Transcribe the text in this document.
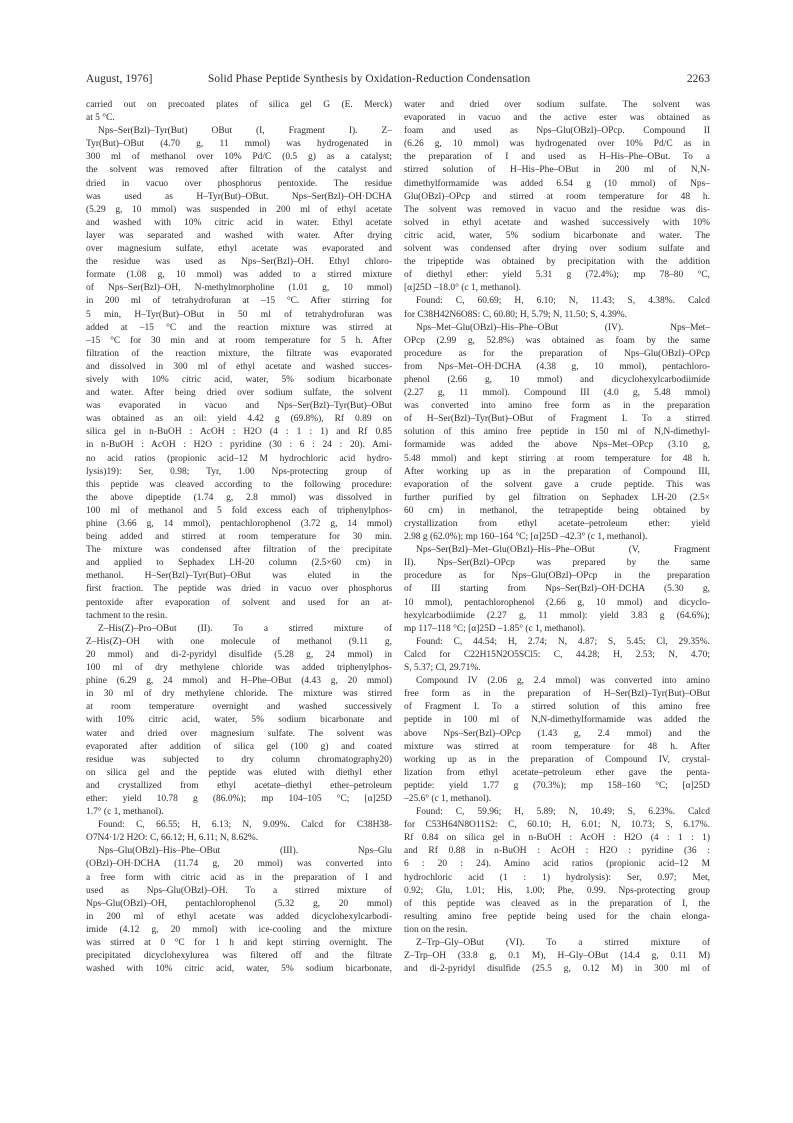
August, 1976]	Solid Phase Peptide Synthesis by Oxidation-Reduction Condensation	2263
carried out on precoated plates of silica gel G (E. Merck)
at 5 °C.
Nps–Ser(Bzl)–Tyr(But) OBut (I, Fragment I). Z–
Tyr(But)–OBut (4.70 g, 11 mmol) was hydrogenated in
300 ml of methanol over 10% Pd/C (0.5 g) as a catalyst;
the solvent was removed after filtration of the catalyst and
dried in vacuo over phosphorus pentoxide. The residue
was used as H–Tyr(But)–OBut. Nps–Ser(Bzl)–OH·DCHA
(5.29 g, 10 mmol) was suspended in 200 ml of ethyl acetate
and washed with 10% citric acid in water. Ethyl acetate
layer was separated and washed with water. After drying
over magnesium sulfate, ethyl acetate was evaporated and
the residue was used as Nps–Ser(Bzl)–OH. Ethyl chloro-
formate (1.08 g, 10 mmol) was added to a stirred mixture
of Nps–Ser(Bzl)–OH, N-methylmorpholine (1.01 g, 10 mmol)
in 200 ml of tetrahydrofuran at –15 °C. After stirring for
5 min, H–Tyr(But)–OBut in 50 ml of tetrahydrofuran was
added at –15 °C and the reaction mixture was stirred at
–15 °C for 30 min and at room temperature for 5 h. After
filtration of the reaction mixture, the filtrate was evaporated
and dissolved in 300 ml of ethyl acetate and washed succes-
sively with 10% citric acid, water, 5% sodium bicarbonate
and water. After being dried over sodium sulfate, the solvent
was evaporated in vacuo and Nps–Ser(Bzl)–Tyr(But)–OBut
was obtained as an oil: yield 4.42 g (69.8%), Rf 0.89 on
silica gel in n-BuOH : AcOH : H2O (4 : 1 : 1) and Rf 0.85
in n-BuOH : AcOH : H2O : pyridine (30 : 6 : 24 : 20). Ami-
no acid ratios (propionic acid–12 M hydrochloric acid hydro-
lysis)19): Ser, 0.98; Tyr, 1.00 Nps-protecting group of
this peptide was cleaved according to the following procedure:
the above dipeptide (1.74 g, 2.8 mmol) was dissolved in
100 ml of methanol and 5 fold excess each of triphenylphos-
phine (3.66 g, 14 mmol), pentachlorophenol (3.72 g, 14 mmol)
being added and stirred at room temperature for 30 min.
The mixture was condensed after filtration of the precipitate
and applied to Sephadex LH-20 column (2.5×60 cm) in
methanol. H–Ser(Bzl)–Tyr(But)–OBut was eluted in the
first fraction. The peptide was dried in vacuo over phosphorus
pentoxide after evaporation of solvent and used for an at-
tachment to the resin.
Z–His(Z)–Pro–OBut (II). To a stirred mixture of
Z–His(Z)–OH with one molecule of methanol (9.11 g,
20 mmol) and di-2-pyridyl disulfide (5.28 g, 24 mmol) in
100 ml of dry methylene chloride was added triphenylphos-
phine (6.29 g, 24 mmol) and H–Phe–OBut (4.43 g, 20 mmol)
in 30 ml of dry methylene chloride. The mixture was stirred
at room temperature overnight and washed successively
with 10% citric acid, water, 5% sodium bicarbonate and
water and dried over magnesium sulfate. The solvent was
evaporated after addition of silica gel (100 g) and coated
residue was subjected to dry column chromatography20)
on silica gel and the peptide was eluted with diethyl ether
and crystallized from ethyl acetate–diethyl ether–petroleum
ether: yield 10.78 g (86.0%); mp 104–105 °C; [α]25D
1.7° (c 1, methanol).
Found: C, 66.55; H, 6.13; N, 9.09%. Calcd for C38H38-
O7N4·1/2 H2O: C, 66.12; H, 6.11; N, 8.62%.
Nps–Glu(OBzl)–His–Phe–OBut (III). Nps–Glu
(OBzl)–OH·DCHA (11.74 g, 20 mmol) was converted into
a free form with citric acid as in the preparation of I and
used as Nps–Glu(OBzl)–OH. To a stirred mixture of
Nps–Glu(OBzl)–OH, pentachlorophenol (5.32 g, 20 mmol)
in 200 ml of ethyl acetate was added dicyclohexylcarbodi-
imide (4.12 g, 20 mmol) with ice-cooling and the mixture
was stirred at 0 °C for 1 h and kept stirring overnight. The
precipitated dicyclohexylurea was filtered off and the filtrate
washed with 10% citric acid, water, 5% sodium bicarbonate,
water and dried over sodium sulfate. The solvent was
evaporated in vacuo and the active ester was obtained as
foam and used as Nps–Glu(OBzl)–OPcp. Compound II
(6.26 g, 10 mmol) was hydrogenated over 10% Pd/C as in
the preparation of I and used as H–His–Phe–OBut. To a
stirred solution of H–His–Phe–OBut in 200 ml of N,N-
dimethylformamide was added 6.54 g (10 mmol) of Nps–
Glu(OBzl)–OPcp and stirred at room temperature for 48 h.
The solvent was removed in vacuo and the residue was dis-
solved in ethyl acetate and washed successively with 10%
citric acid, water, 5% sodium bicarbonate and water. The
solvent was condensed after drying over sodium sulfate and
the tripeptide was obtained by precipitation with the addition
of diethyl ether: yield 5.31 g (72.4%); mp 78–80 °C,
[α]25D –18.0° (c 1, methanol).
Found: C, 60.69; H, 6.10; N, 11.43; S, 4.38%. Calcd
for C38H42N6O8S: C, 60.80; H, 5.79; N, 11.50; S, 4.39%.
Nps–Met–Glu(OBzl)–His–Phe–OBut (IV). Nps–Met–
OPcp (2.99 g, 52.8%) was obtained as foam by the same
procedure as for the preparation of Nps–Glu(OBzl)–OPcp
from Nps–Met–OH·DCHA (4.38 g, 10 mmol), pentachloro-
phenol (2.66 g, 10 mmol) and dicyclohexylcarbodiimide
(2.27 g, 11 mmol). Compound III (4.0 g, 5.48 mmol)
was converted into amino free form as in the preparation
of H–Ser(Bzl)–Tyr(But)–OBut of Fragment I. To a stirred
solution of this amino free peptide in 150 ml of N,N-dimethyl-
formamide was added the above Nps–Met–OPcp (3.10 g,
5.48 mmol) and kept stirring at room temperature for 48 h.
After working up as in the preparation of Compound III,
evaporation of the solvent gave a crude peptide. This was
further purified by gel filtration on Sephadex LH-20 (2.5×
60 cm) in methanol, the tetrapeptide being obtained by
crystallization from ethyl acetate–petroleum ether: yield
2.98 g (62.0%); mp 160–164 °C; [α]25D –42.3° (c 1, methanol).
Nps–Ser(Bzl)–Met–Glu(OBzl)–His–Phe–OBut (V, Fragment
II). Nps–Ser(Bzl)–OPcp was prepared by the same
procedure as for Nps–Glu(OBzl)–OPcp in the preparation
of III starting from Nps–Ser(Bzl)–OH·DCHA (5.30 g,
10 mmol), pentachlorophenol (2.66 g, 10 mmol) and dicyclo-
hexylcarbodiimide (2.27 g, 11 mmol): yield 3.83 g (64.6%);
mp 117–118 °C; [α]25D –1.85° (c 1, methanol).
Found: C, 44.54; H, 2.74; N, 4.87; S, 5.45; Cl, 29.35%.
Calcd for C22H15N2O5SCl5: C, 44.28; H, 2.53; N, 4.70;
S, 5.37; Cl, 29.71%.
Compound IV (2.06 g, 2.4 mmol) was converted into amino
free form as in the preparation of H–Ser(Bzl)–Tyr(But)–OBut
of Fragment I. To a stirred solution of this amino free
peptide in 100 ml of N,N-dimethylformamide was added the
above Nps–Ser(Bzl)–OPcp (1.43 g, 2.4 mmol) and the
mixture was stirred at room temperature for 48 h. After
working up as in the preparation of Compound IV, crystal-
lization from ethyl acetate–petroleum ether gave the penta-
peptide: yield 1.77 g (70.3%); mp 158–160 °C; [α]25D
–25.6° (c 1, methanol).
Found: C, 59.96; H, 5.89; N, 10.49; S, 6.23%. Calcd
for C53H64N8O11S2: C, 60.10; H, 6.01; N, 10.73; S, 6.17%.
Rf 0.84 on silica gel in n-BuOH : AcOH : H2O (4 : 1 : 1)
and Rf 0.88 in n-BuOH : AcOH : H2O : pyridine (36 :
6 : 20 : 24). Amino acid ratios (propionic acid–12 M
hydrochloric acid (1 : 1) hydrolysis): Ser, 0.97; Met,
0.92; Glu, 1.01; His, 1.00; Phe, 0.99. Nps-protecting group
of this peptide was cleaved as in the preparation of I, the
resulting amino free peptide being used for the chain elonga-
tion on the resin.
Z–Trp–Gly–OBut (VI). To a stirred mixture of
Z–Trp–OH (33.8 g, 0.1 M), H–Gly–OBut (14.4 g, 0.11 M)
and di-2-pyridyl disulfide (25.5 g, 0.12 M) in 300 ml of
